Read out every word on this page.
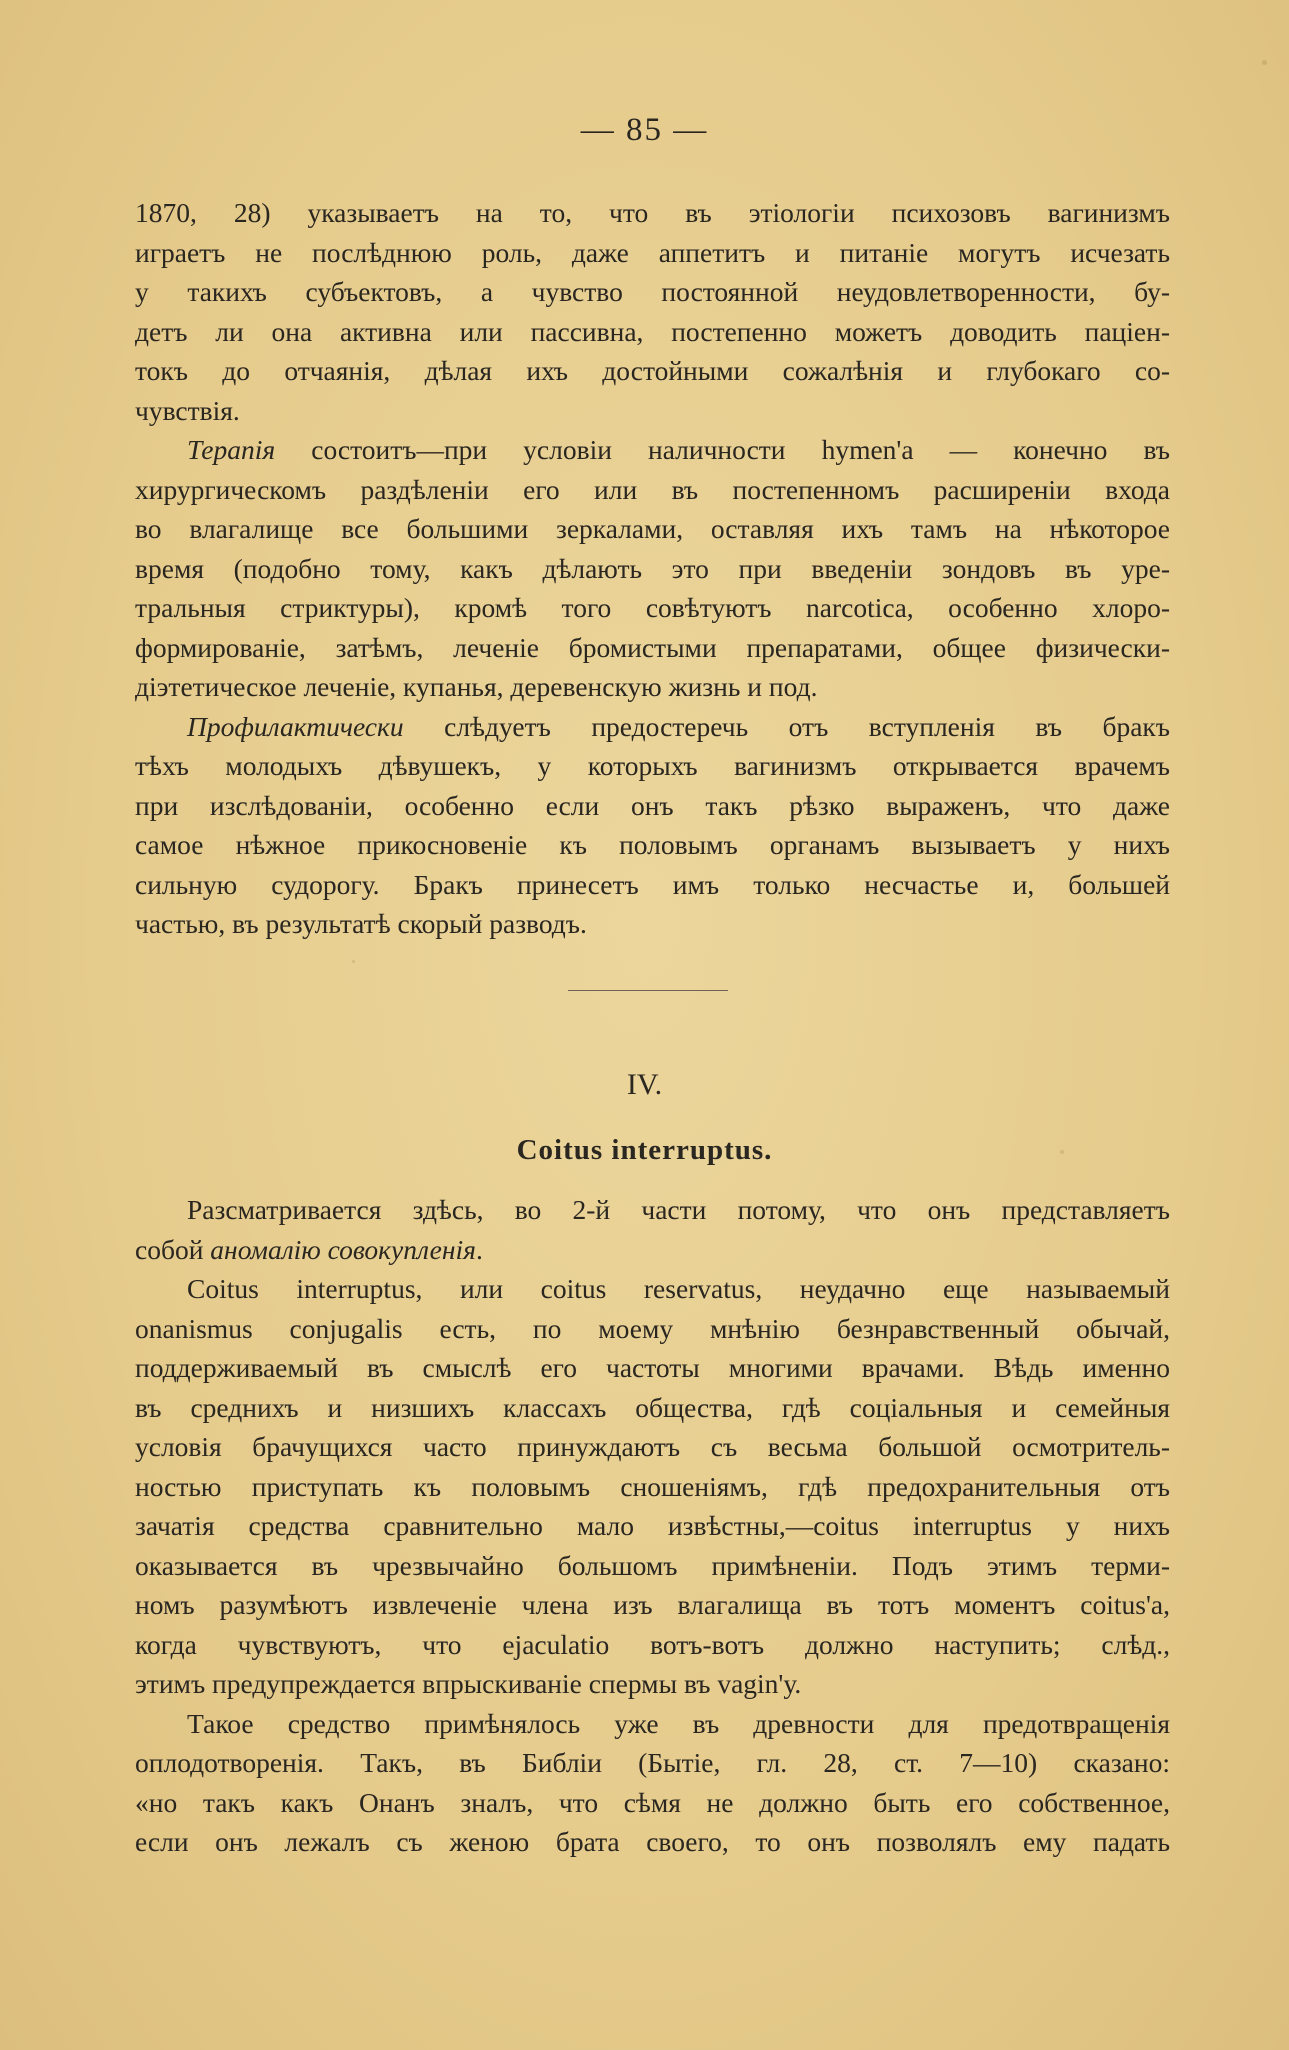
— 85 —
1870, 28) указываетъ на то, что въ этіологіи психозовъ вагинизмъ
играетъ не послѣднюю роль, даже аппетитъ и питаніе могутъ исчезать
у такихъ субъектовъ, а чувство постоянной неудовлетворенности, бу-
детъ ли она активна или пассивна, постепенно можетъ доводить паціен-
токъ до отчаянія, дѣлая ихъ достойными сожалѣнія и глубокаго со-
чувствія.
Терапія состоитъ—при условіи наличности hymen'а — конечно въ
хирургическомъ раздѣленіи его или въ постепенномъ расширеніи входа
во влагалище все большими зеркалами, оставляя ихъ тамъ на нѣкоторое
время (подобно тому, какъ дѣлають это при введеніи зондовъ въ уре-
тральныя стриктуры), кромѣ того совѣтуютъ narcotica, особенно хлоро-
формированіе, затѣмъ, леченіе бромистыми препаратами, общее физически-
діэтетическое леченіе, купанья, деревенскую жизнь и под.
Профилактически слѣдуетъ предостеречь отъ вступленія въ бракъ
тѣхъ молодыхъ дѣвушекъ, у которыхъ вагинизмъ открывается врачемъ
при изслѣдованіи, особенно если онъ такъ рѣзко выраженъ, что даже
самое нѣжное прикосновеніе къ половымъ органамъ вызываетъ у нихъ
сильную судорогу. Бракъ принесетъ имъ только несчастье и, большей
частью, въ результатѣ скорый разводъ.
IV.
Coitus interruptus.
Разсматривается здѣсь, во 2-й части потому, что онъ представляетъ
собой аномалію совокупленія.
Coitus interruptus, или coitus reservatus, неудачно еще называемый
onanismus conjugalis есть, по моему мнѣнію безнравственный обычай,
поддерживаемый въ смыслѣ его частоты многими врачами. Вѣдь именно
въ среднихъ и низшихъ классахъ общества, гдѣ соціальныя и семейныя
условія брачущихся часто принуждаютъ съ весьма большой осмотритель-
ностью приступать къ половымъ сношеніямъ, гдѣ предохранительныя отъ
зачатія средства сравнительно мало извѣстны,—coitus interruptus у нихъ
оказывается въ чрезвычайно большомъ примѣненіи. Подъ этимъ терми-
номъ разумѣютъ извлеченіе члена изъ влагалища въ тотъ моментъ coitus'а,
когда чувствуютъ, что ejaculatio вотъ-вотъ должно наступить; слѣд.,
этимъ предупреждается впрыскиваніе спермы въ vagin'у.
Такое средство примѣнялось уже въ древности для предотвращенія
оплодотворенія. Такъ, въ Библіи (Бытіе, гл. 28, ст. 7—10) сказано:
«но такъ какъ Онанъ зналъ, что сѣмя не должно быть его собственное,
если онъ лежалъ съ женою брата своего, то онъ позволялъ ему падать
